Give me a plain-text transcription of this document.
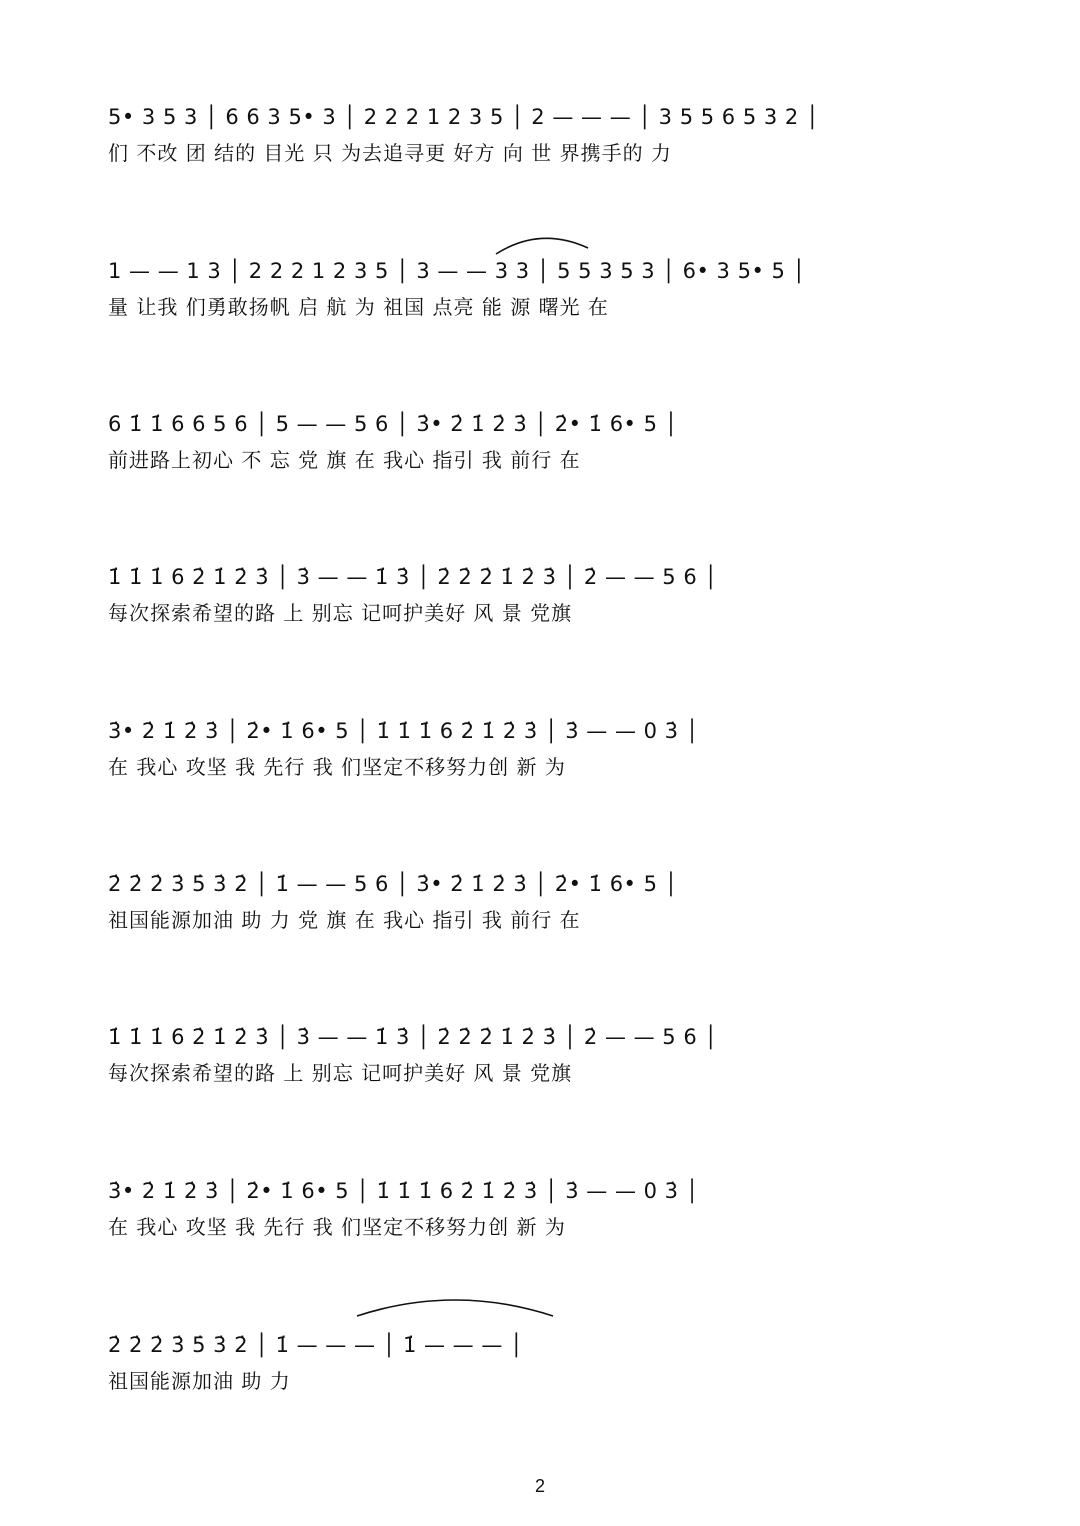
5• 3 5 3 │ 6 6 3 5• 3 │ 2 2 2 1 2 3 5 │ 2 — — — │ 3 5 5 6 5 3 2 │
们 不改 团 结的 目光 只 为去追寻更 好方 向 世 界携手的 力
1 — — 1 3 │ 2 2 2 1 2 3 5 │ 3 — — 3 3 │ 5 5 3 5 3 │ 6• 3 5• 5 │
量 让我 们勇敢扬帆 启 航 为 祖国 点亮 能 源 曙光 在
6 1̇ 1̇ 6 6 5 6 │ 5 — — 5 6 │ 3̇• 2̇ 1̇ 2̇ 3̇ │ 2̇• 1̇ 6• 5 │
前进路上初心 不 忘 党 旗 在 我心 指引 我 前行 在
1̇ 1̇ 1̇ 6 2̇ 1̇ 2̇ 3̇ │ 3̇ — — 1̇ 3̇ │ 2̇ 2̇ 2̇ 1̇ 2̇ 3̇ │ 2̇ — — 5 6 │
每次探索希望的路 上 别忘 记呵护美好 风 景 党旗
3̇• 2̇ 1̇ 2̇ 3̇ │ 2̇• 1̇ 6• 5 │ 1̇ 1̇ 1̇ 6 2̇ 1̇ 2̇ 3̇ │ 3̇ — — 0 3̇ │
在 我心 攻坚 我 先行 我 们坚定不移努力创 新 为
2̇ 2̇ 2̇ 3̇ 5̇ 3̇ 2̇ │ 1̇ — — 5 6 │ 3̇• 2̇ 1̇ 2̇ 3̇ │ 2̇• 1̇ 6• 5 │
祖国能源加油 助 力 党 旗 在 我心 指引 我 前行 在
1̇ 1̇ 1̇ 6 2̇ 1̇ 2̇ 3̇ │ 3̇ — — 1̇ 3̇ │ 2̇ 2̇ 2̇ 1̇ 2̇ 3̇ │ 2̇ — — 5 6 │
每次探索希望的路 上 别忘 记呵护美好 风 景 党旗
3̇• 2̇ 1̇ 2̇ 3̇ │ 2̇• 1̇ 6• 5 │ 1̇ 1̇ 1̇ 6 2̇ 1̇ 2̇ 3̇ │ 3̇ — — 0 3̇ │
在 我心 攻坚 我 先行 我 们坚定不移努力创 新 为
2̇ 2̇ 2̇ 3̇ 5̇ 3̇ 2̇ │ 1̇ — — — │ 1̇ — — — │
祖国能源加油 助 力
2
